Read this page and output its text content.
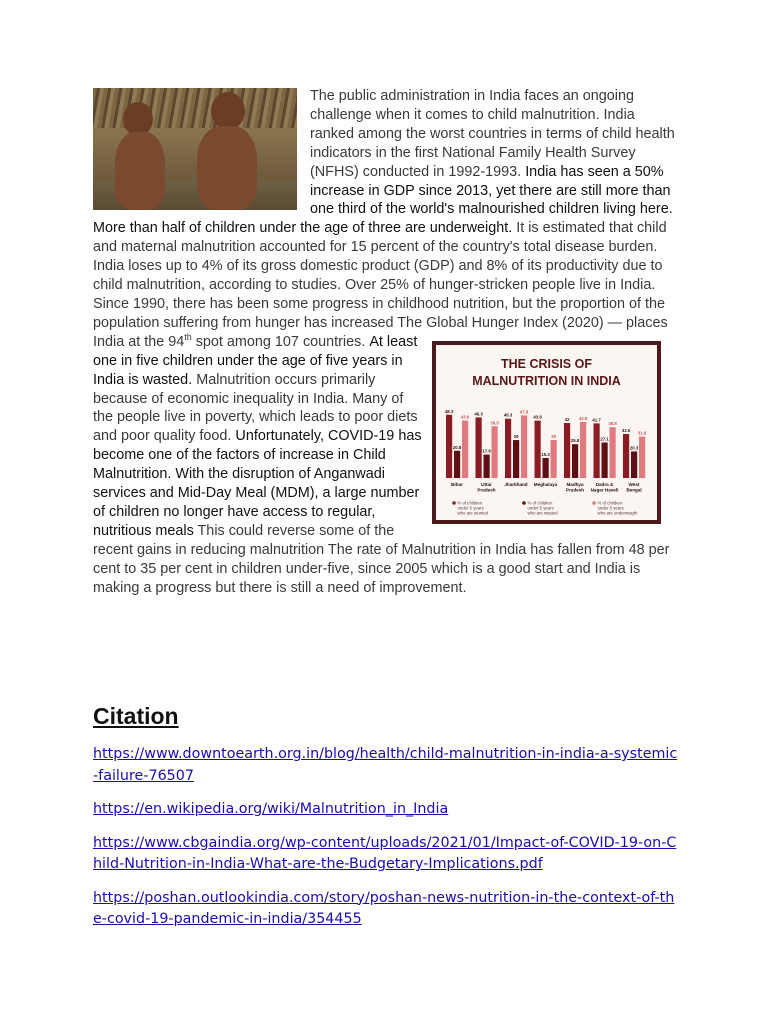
The public administration in India faces an ongoing challenge when it comes to child malnutrition. India ranked among the worst countries in terms of child health indicators in the first National Family Health Survey (NFHS) conducted in 1992-1993. India has seen a 50% increase in GDP since 2013, yet there are still more than one third of the world's malnourished children living here. More than half of children under the age of three are underweight. It is estimated that child and maternal malnutrition accounted for 15 percent of the country's total disease burden. India loses up to 4% of its gross domestic product (GDP) and 8% of its productivity due to child malnutrition, according to studies. Over 25% of hunger-stricken people live in India. Since 1990, there has been some progress in childhood nutrition, but the proportion of the population suffering from hunger has increased The Global Hunger Index (2020) — places India at the 94th spot among 107 countries.
THE CRISIS OF
MALNUTRITION IN INDIA
48.3
20.8
43.9
46.3
17.9
39.5
45.3
29
47.8
43.8
15.3
29
42
25.8
42.8 41.7
27.1
38.8
33.6
20.3
31.6
Bihar	Uttar
Pradesh
Jharkhand Meghalaya Madhya
Pradesh
Dadra &
Nagar Haveli
West
Bengal
% of children
under 5 years
who are stunted
% of children
under 5 years
who are wasted
% of children
under 5 years
who are underweight
At least one in five children under the age of five years in India is wasted. Malnutrition occurs primarily because of economic inequality in India. Many of the people live in poverty, which leads to poor diets and poor quality food. Unfortunately, COVID-19 has become one of the factors of increase in Child Malnutrition. With the disruption of Anganwadi services and Mid-Day Meal (MDM), a large number of children no longer have access to regular, nutritious meals This could reverse some of the recent gains in reducing malnutrition The rate of Malnutrition in India has fallen from 48 per cent to 35 per cent in children under-five, since 2005 which is a good start and India is making a progress but there is still a need of improvement.
Citation
https://www.downtoearth.org.in/blog/health/child-malnutrition-in-india-a-systemic-failure-76507
https://en.wikipedia.org/wiki/Malnutrition_in_India
https://www.cbgaindia.org/wp-content/uploads/2021/01/Impact-of-COVID-19-on-Child-Nutrition-in-India-What-are-the-Budgetary-Implications.pdf
https://poshan.outlookindia.com/story/poshan-news-nutrition-in-the-context-of-the-covid-19-pandemic-in-india/354455
